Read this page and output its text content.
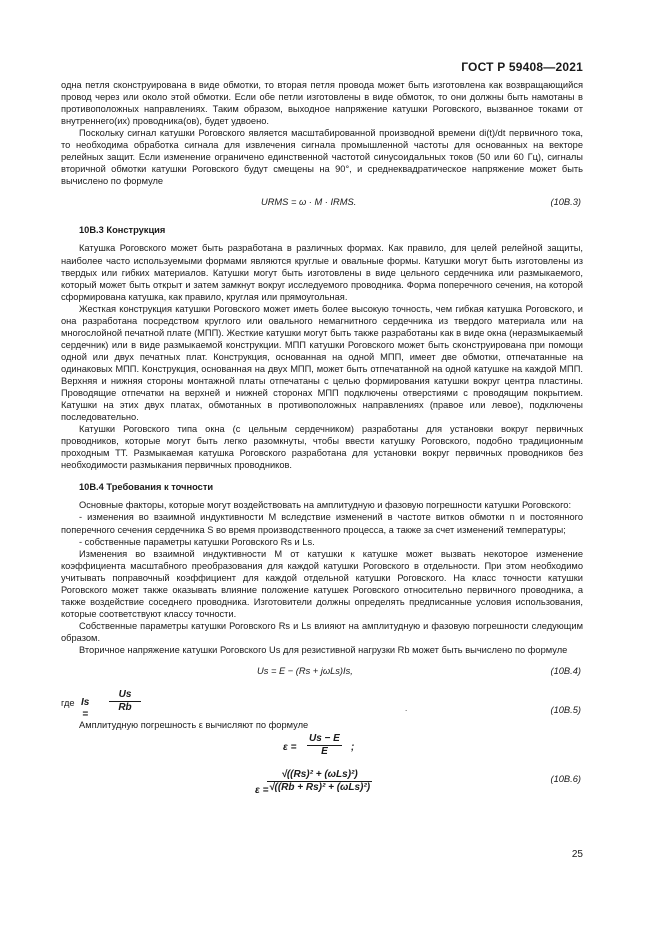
ГОСТ Р 59408—2021

одна петля сконструирована в виде обмотки, то вторая петля провода может быть изготовлена как возвращающийся провод через или около этой обмотки. Если обе петли изготовлены в виде обмоток, то они должны быть намотаны в противоположных направлениях. Таким образом, выходное напряжение катушки Роговского, вызванное токами от внутреннего(их) проводника(ов), будет удвоено.

Поскольку сигнал катушки Роговского является масштабированной производной времени di(t)/dt первичного тока, то необходима обработка сигнала для извлечения сигнала промышленной частоты для основанных на векторе релейных защит. Если изменение ограничено единственной частотой синусоидальных токов (50 или 60 Гц), сигналы вторичной обмотки катушки Роговского будут смещены на 90°, и среднеквадратическое напряжение может быть вычислено по формуле

URMS = ω · M · IRMS.	(10В.3)

10В.3 Конструкция

Катушка Роговского может быть разработана в различных формах. Как правило, для целей релейной защиты, наиболее часто используемыми формами являются круглые и овальные формы. Катушки могут быть изготовлены из твердых или гибких материалов. Катушки могут быть изготовлены в виде цельного сердечника или размыкаемого, который может быть открыт и затем замкнут вокруг исследуемого проводника. Форма поперечного сечения, на которой сформирована катушка, как правило, круглая или прямоугольная.

Жесткая конструкция катушки Роговского может иметь более высокую точность, чем гибкая катушка Роговского, и она разработана посредством круглого или овального немагнитного сердечника из твердого материала или на многослойной печатной плате (МПП). Жесткие катушки могут быть также разработаны как в виде окна (неразмыкаемый сердечник) или в виде размыкаемой конструкции. МПП катушки Роговского может быть сконструирована при помощи одной или двух печатных плат. Конструкция, основанная на одной МПП, имеет две обмотки, отпечатанные на одинаковых МПП. Конструкция, основанная на двух МПП, может быть отпечатанной на одной катушке на каждой МПП. Верхняя и нижняя стороны монтажной платы отпечатаны с целью формирования катушки вокруг центра пластины. Проводящие отпечатки на верхней и нижней сторонах МПП подключены отверстиями с проводящим покрытием. Катушки на этих двух платах, обмотанных в противоположных направлениях (правое или левое), подключены последовательно.

Катушки Роговского типа окна (с цельным сердечником) разработаны для установки вокруг первичных проводников, которые могут быть легко разомкнуты, чтобы ввести катушку Роговского, подобно традиционным проходным ТТ. Размыкаемая катушка Роговского разработана для установки вокруг первичных проводников без необходимости размыкания первичных проводников.

10В.4 Требования к точности

Основные факторы, которые могут воздействовать на амплитудную и фазовую погрешности катушки Роговского:

- изменения во взаимной индуктивности M вследствие изменений в частоте витков обмотки n и постоянного поперечного сечения сердечника S во время производственного процесса, а также за счет изменений температуры;

- собственные параметры катушки Роговского Rs и Ls.

Изменения во взаимной индуктивности M от катушки к катушке может вызвать некоторое изменение коэффициента масштабного преобразования для каждой катушки Роговского в отдельности. При этом необходимо учитывать поправочный коэффициент для каждой отдельной катушки Роговского. На класс точности катушки Роговского может также оказывать влияние положение катушек Роговского относительно первичного проводника, а также воздействие соседнего проводника. Изготовители должны определять предписанные условия использования, которые соответствуют классу точности.

Собственные параметры катушки Роговского Rs и Ls влияют на амплитудную и фазовую погрешности следующим образом.

Вторичное напряжение катушки Роговского Us для резистивной нагрузки Rb может быть вычислено по формуле

Us = E − (Rs + jωLs)Is,	(10В.4)
где Is =
$\frac{Us}{Rb}$	.	(10В.5)

Амплитудную погрешность ε вычисляют по формуле

$\varepsilon = \frac{Us - E}{E}$ ;
ε =
√((Rs)² + (ωLs)²)
√((Rb + Rs)² + (ωLs)²)
(10В.6)
25
